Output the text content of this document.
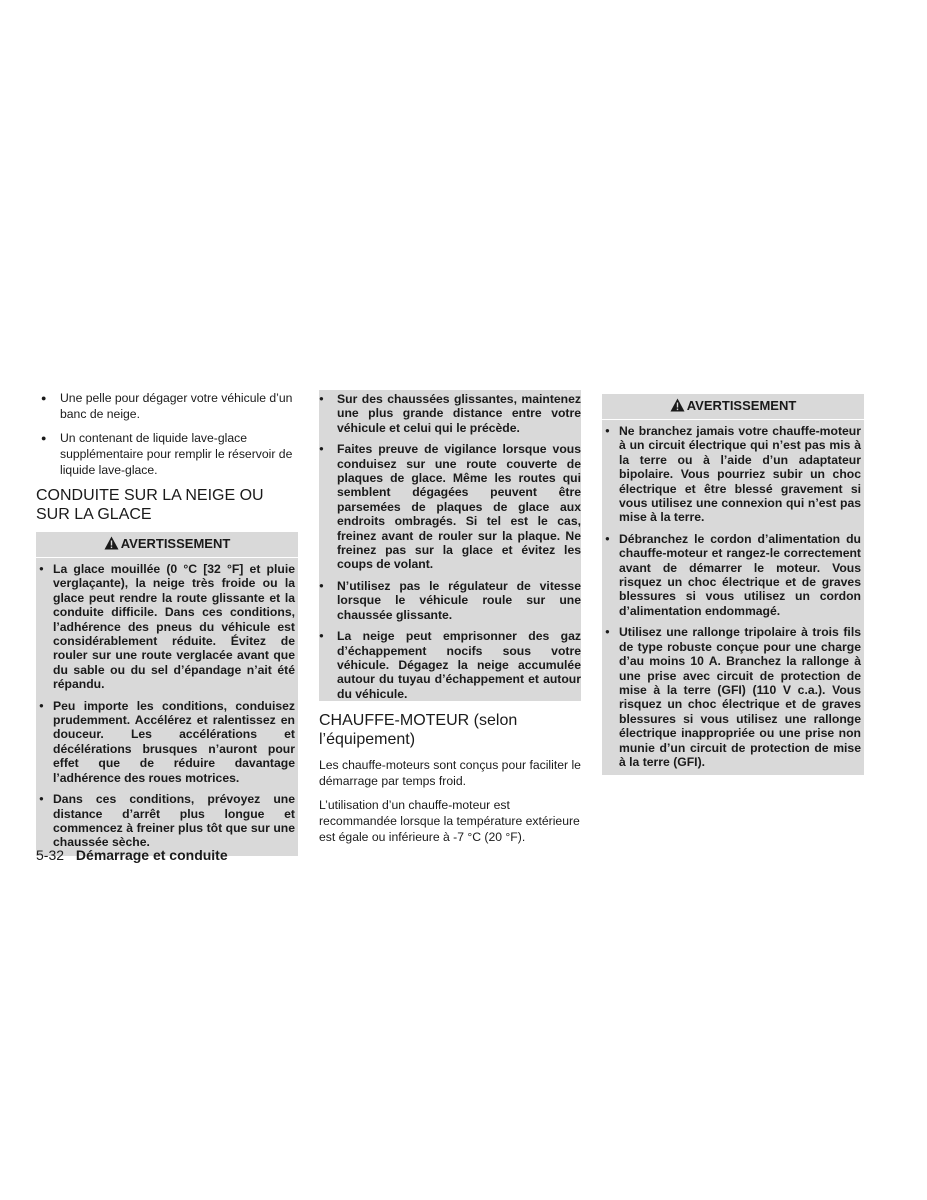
● Une pelle pour dégager votre véhicule d’un banc de neige.
● Un contenant de liquide lave-glace supplémentaire pour remplir le réservoir de liquide lave-glace.
CONDUITE SUR LA NEIGE OU SUR LA GLACE
AVERTISSEMENT
● La glace mouillée (0 °C [32 °F] et pluie verglaçante), la neige très froide ou la glace peut rendre la route glissante et la conduite difficile. Dans ces conditions, l’adhérence des pneus du véhicule est considérablement réduite. Évitez de rouler sur une route verglacée avant que du sable ou du sel d’épandage n’ait été répandu.
● Peu importe les conditions, conduisez prudemment. Accélérez et ralentissez en douceur. Les accélérations et décélérations brusques n’auront pour effet que de réduire davantage l’adhérence des roues motrices.
● Dans ces conditions, prévoyez une distance d’arrêt plus longue et commencez à freiner plus tôt que sur une chaussée sèche.
● Sur des chaussées glissantes, maintenez une plus grande distance entre votre véhicule et celui qui le précède.
● Faites preuve de vigilance lorsque vous conduisez sur une route couverte de plaques de glace. Même les routes qui semblent dégagées peuvent être parsemées de plaques de glace aux endroits ombragés. Si tel est le cas, freinez avant de rouler sur la plaque. Ne freinez pas sur la glace et évitez les coups de volant.
● N’utilisez pas le régulateur de vitesse lorsque le véhicule roule sur une chaussée glissante.
● La neige peut emprisonner des gaz d’échappement nocifs sous votre véhicule. Dégagez la neige accumulée autour du tuyau d’échappement et autour du véhicule.
CHAUFFE-MOTEUR (selon l’équipement)

Les chauffe-moteurs sont conçus pour faciliter le démarrage par temps froid.

L’utilisation d’un chauffe-moteur est recommandée lorsque la température extérieure est égale ou inférieure à -7 °C (20 °F).

AVERTISSEMENT
● Ne branchez jamais votre chauffe-moteur à un circuit électrique qui n’est pas mis à la terre ou à l’aide d’un adaptateur bipolaire. Vous pourriez subir un choc électrique et être blessé gravement si vous utilisez une connexion qui n’est pas mise à la terre.
● Débranchez le cordon d’alimentation du chauffe-moteur et rangez-le correctement avant de démarrer le moteur. Vous risquez un choc électrique et de graves blessures si vous utilisez un cordon d’alimentation endommagé.
● Utilisez une rallonge tripolaire à trois fils de type robuste conçue pour une charge d’au moins 10 A. Branchez la rallonge à une prise avec circuit de protection de mise à la terre (GFI) (110 V c.a.). Vous risquez un choc électrique et de graves blessures si vous utilisez une rallonge électrique inappropriée ou une prise non munie d’un circuit de protection de mise à la terre (GFI).
5-32 Démarrage et conduite
